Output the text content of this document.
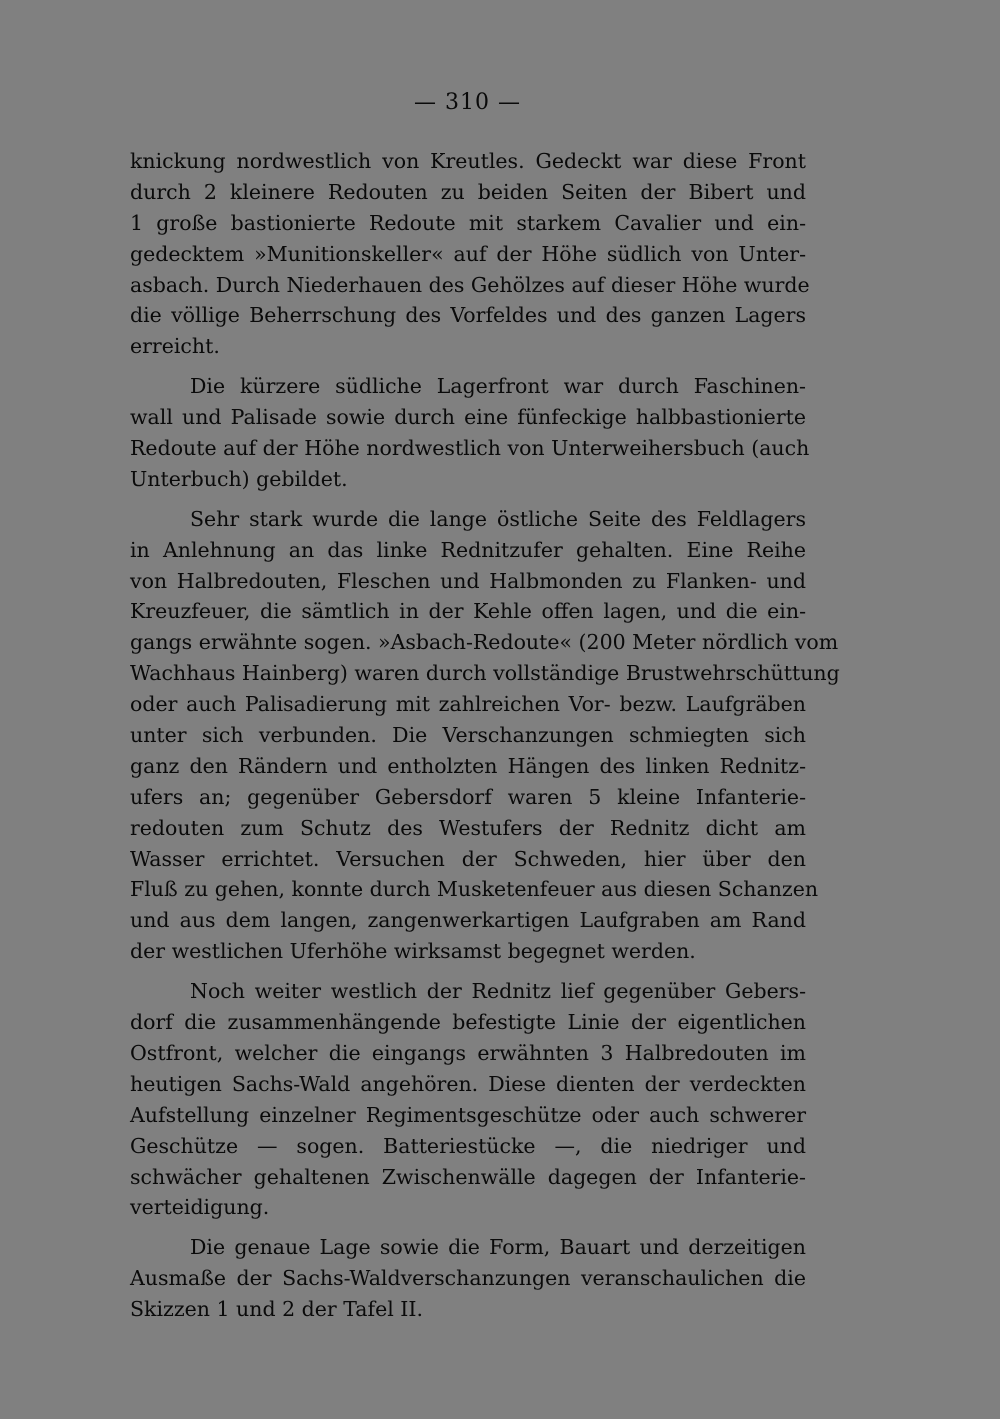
— 310 —
knickung nordwestlich von Kreutles. Gedeckt war diese Front
durch 2 kleinere Redouten zu beiden Seiten der Bibert und
1 große bastionierte Redoute mit starkem Cavalier und ein-
gedecktem »Munitionskeller« auf der Höhe südlich von Unter-
asbach. Durch Niederhauen des Gehölzes auf dieser Höhe wurde
die völlige Beherrschung des Vorfeldes und des ganzen Lagers
erreicht.
Die kürzere südliche Lagerfront war durch Faschinen-
wall und Palisade sowie durch eine fünfeckige halbbastionierte
Redoute auf der Höhe nordwestlich von Unterweihersbuch (auch
Unterbuch) gebildet.
Sehr stark wurde die lange östliche Seite des Feldlagers
in Anlehnung an das linke Rednitzufer gehalten. Eine Reihe
von Halbredouten, Fleschen und Halbmonden zu Flanken- und
Kreuzfeuer, die sämtlich in der Kehle offen lagen, und die ein-
gangs erwähnte sogen. »Asbach-Redoute« (200 Meter nördlich vom
Wachhaus Hainberg) waren durch vollständige Brustwehrschüttung
oder auch Palisadierung mit zahlreichen Vor- bezw. Laufgräben
unter sich verbunden. Die Verschanzungen schmiegten sich
ganz den Rändern und entholzten Hängen des linken Rednitz-
ufers an; gegenüber Gebersdorf waren 5 kleine Infanterie-
redouten zum Schutz des Westufers der Rednitz dicht am
Wasser errichtet. Versuchen der Schweden, hier über den
Fluß zu gehen, konnte durch Musketenfeuer aus diesen Schanzen
und aus dem langen, zangenwerkartigen Laufgraben am Rand
der westlichen Uferhöhe wirksamst begegnet werden.
Noch weiter westlich der Rednitz lief gegenüber Gebers-
dorf die zusammenhängende befestigte Linie der eigentlichen
Ostfront, welcher die eingangs erwähnten 3 Halbredouten im
heutigen Sachs-Wald angehören. Diese dienten der verdeckten
Aufstellung einzelner Regimentsgeschütze oder auch schwerer
Geschütze — sogen. Batteriestücke —, die niedriger und
schwächer gehaltenen Zwischenwälle dagegen der Infanterie-
verteidigung.
Die genaue Lage sowie die Form, Bauart und derzeitigen
Ausmaße der Sachs-Waldverschanzungen veranschaulichen die
Skizzen 1 und 2 der Tafel II.
